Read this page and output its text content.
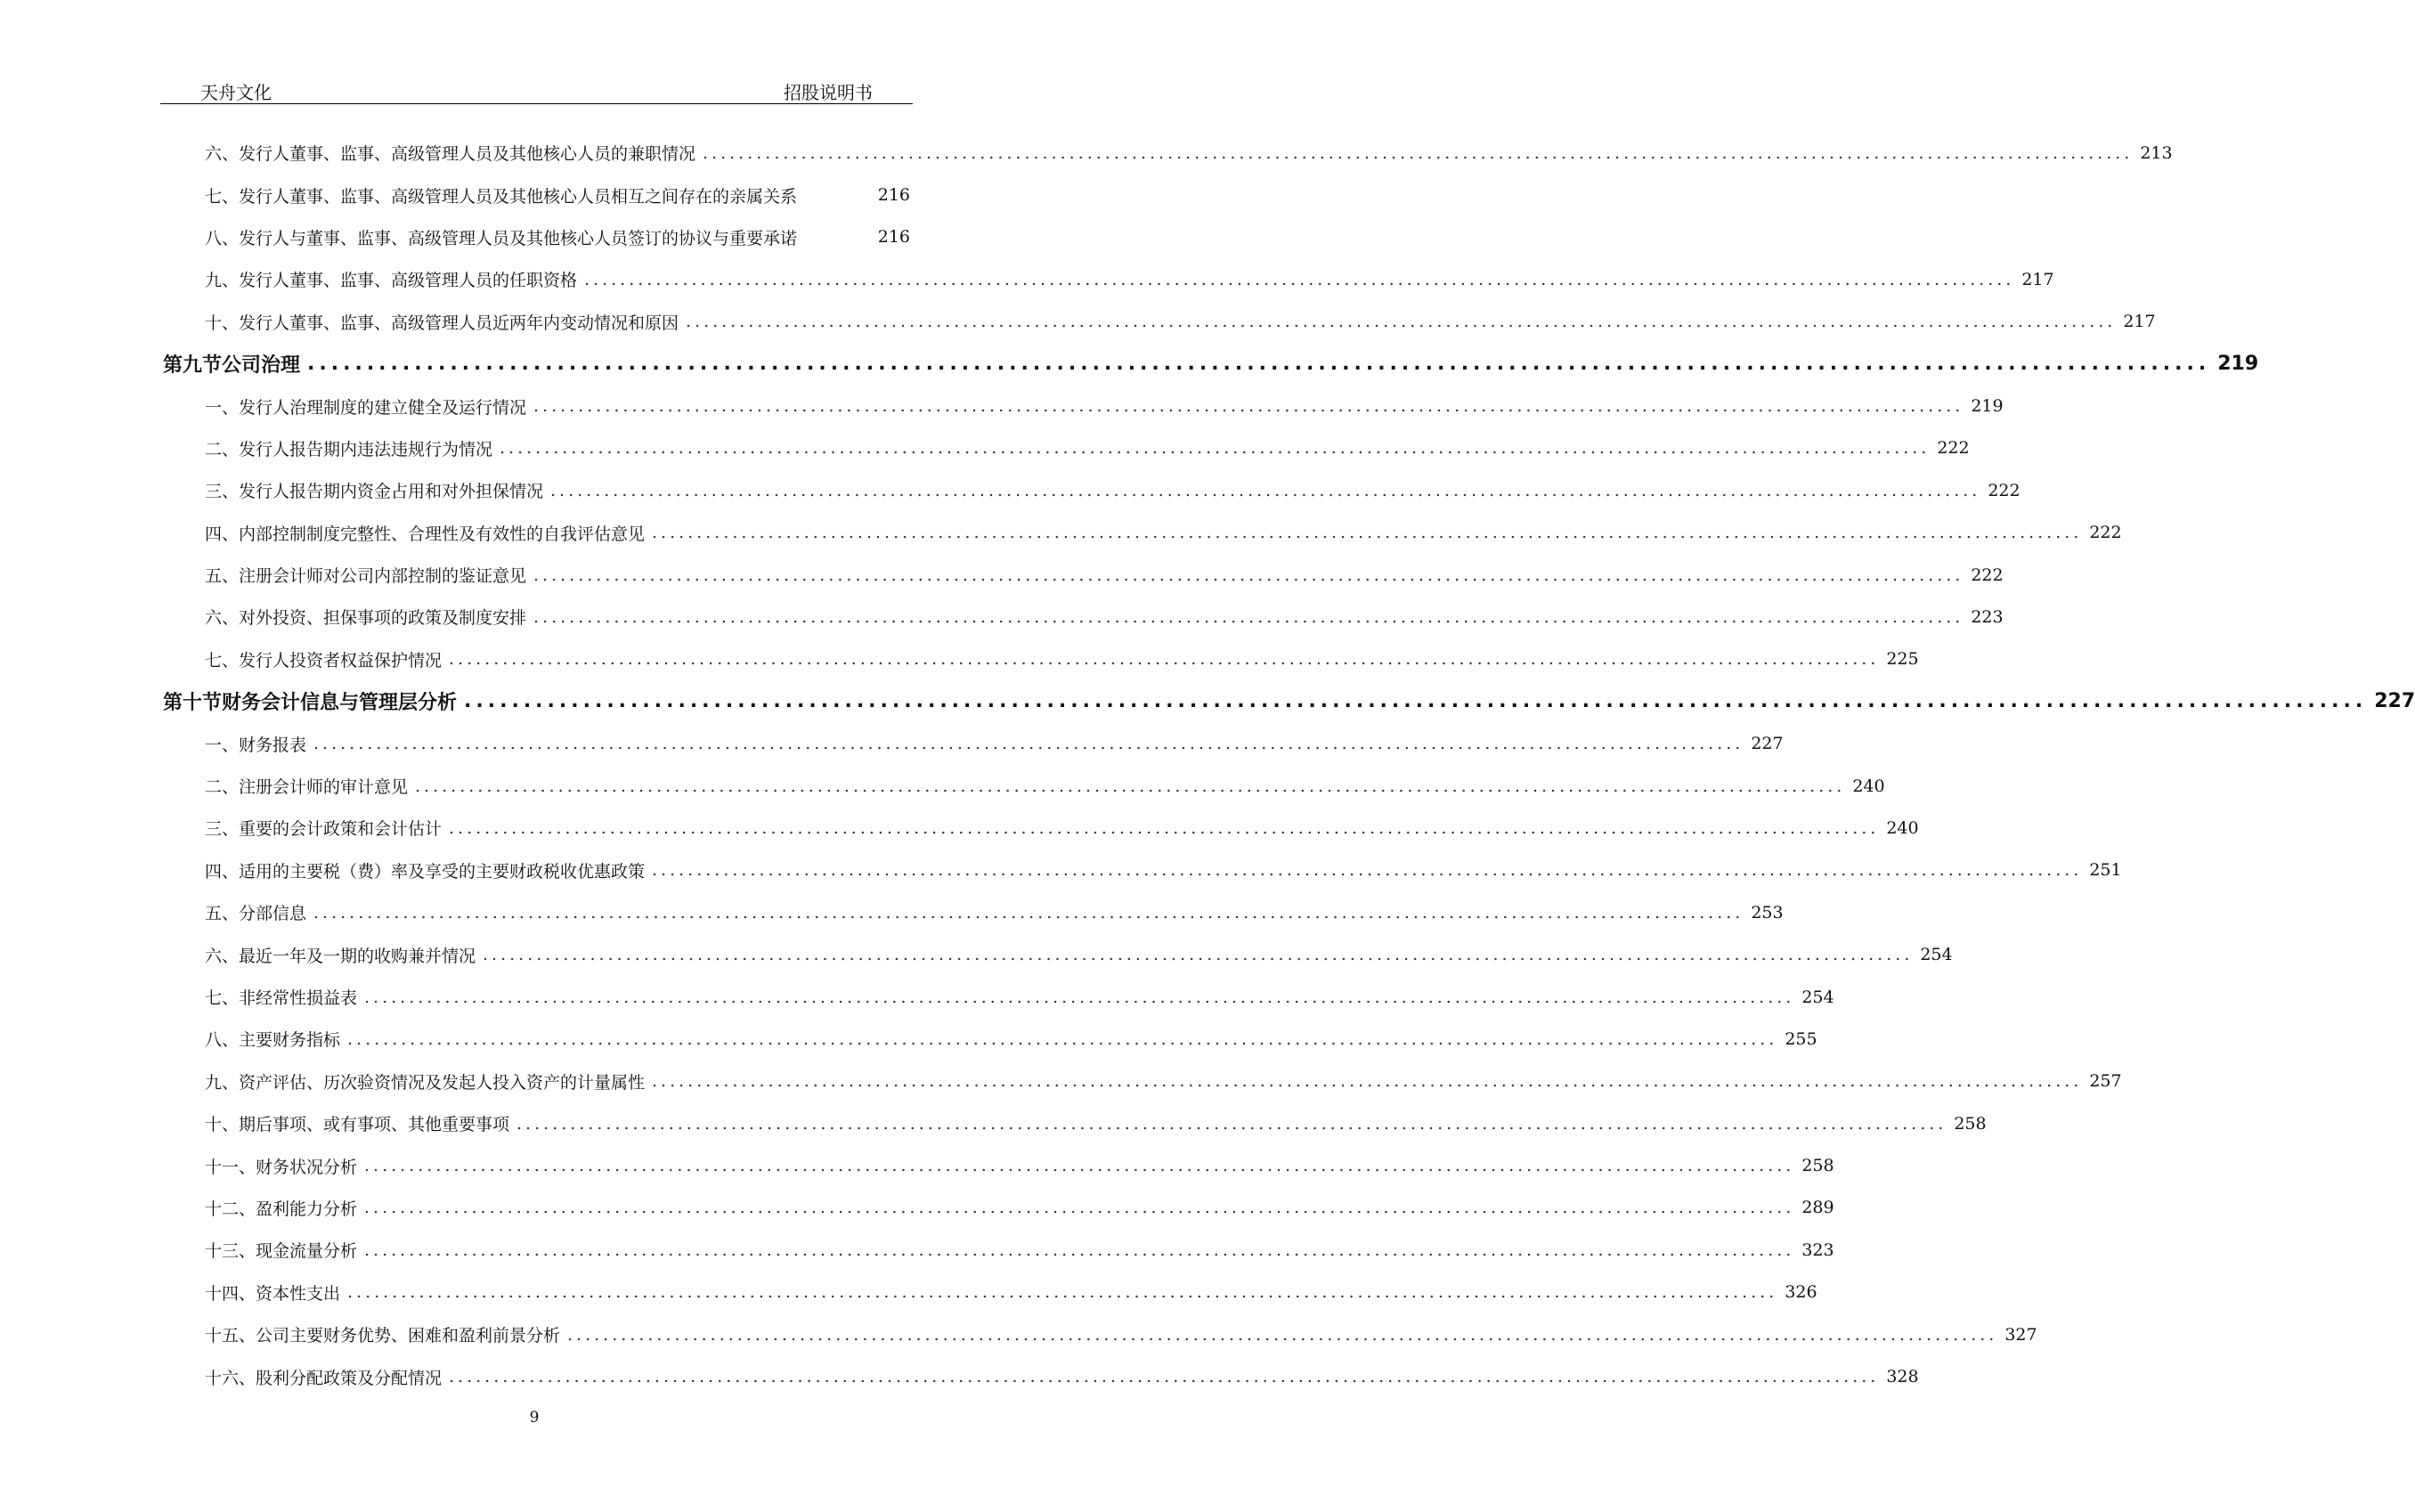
天舟文化	招股说明书
六、发行人董事、监事、高级管理人员及其他核心人员的兼职情况 ................................................................................................................................................................ 213
七、发行人董事、监事、高级管理人员及其他核心人员相互之间存在的亲属关系	216
八、发行人与董事、监事、高级管理人员及其他核心人员签订的协议与重要承诺	216
九、发行人董事、监事、高级管理人员的任职资格 ................................................................................................................................................................ 217
十、发行人董事、监事、高级管理人员近两年内变动情况和原因 ................................................................................................................................................................ 217
第九节 公司治理 ................................................................................................................................................................ 219
一、发行人治理制度的建立健全及运行情况 ................................................................................................................................................................ 219
二、发行人报告期内违法违规行为情况 ................................................................................................................................................................ 222
三、发行人报告期内资金占用和对外担保情况 ................................................................................................................................................................ 222
四、内部控制制度完整性、合理性及有效性的自我评估意见 ................................................................................................................................................................ 222
五、注册会计师对公司内部控制的鉴证意见 ................................................................................................................................................................ 222
六、对外投资、担保事项的政策及制度安排 ................................................................................................................................................................ 223
七、发行人投资者权益保护情况 ................................................................................................................................................................ 225
第十节 财务会计信息与管理层分析 ................................................................................................................................................................ 227
一、财务报表 ................................................................................................................................................................ 227
二、注册会计师的审计意见 ................................................................................................................................................................ 240
三、重要的会计政策和会计估计 ................................................................................................................................................................ 240
四、适用的主要税（费）率及享受的主要财政税收优惠政策 ................................................................................................................................................................ 251
五、分部信息 ................................................................................................................................................................ 253
六、最近一年及一期的收购兼并情况 ................................................................................................................................................................ 254
七、非经常性损益表 ................................................................................................................................................................ 254
八、主要财务指标 ................................................................................................................................................................ 255
九、资产评估、历次验资情况及发起人投入资产的计量属性 ................................................................................................................................................................ 257
十、期后事项、或有事项、其他重要事项 ................................................................................................................................................................ 258
十一、财务状况分析 ................................................................................................................................................................ 258
十二、盈利能力分析 ................................................................................................................................................................ 289
十三、现金流量分析 ................................................................................................................................................................ 323
十四、资本性支出 ................................................................................................................................................................ 326
十五、公司主要财务优势、困难和盈利前景分析 ................................................................................................................................................................ 327
十六、股利分配政策及分配情况 ................................................................................................................................................................ 328
9
